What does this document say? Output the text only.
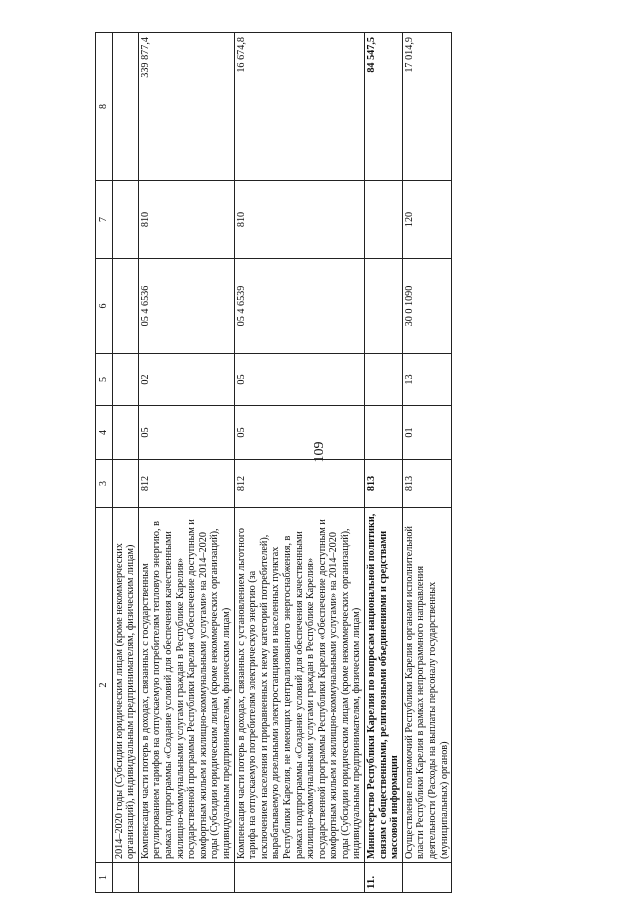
109
1	2	3	4	5	6	7	8
	2014–2020 годы (Субсидии юридическим лицам (кроме некоммерческих организаций), индивидуальным предпринимателям, физическим лицам)						
	Компенсация части потерь в доходах, связанных с государственным регулированием тарифов на отпускаемую потребителям тепловую энергию, в рамках подпрограммы «Создание условий для обеспечения качественными жилищно-коммунальными услугами граждан в Республике Карелия» государственной программы Республики Карелия «Обеспечение доступным и комфортным жильем и жилищно-коммунальными услугами» на 2014–2020 годы (Субсидии юридическим лицам (кроме некоммерческих организаций), индивидуальным предпринимателям, физическим лицам)	812	05	02	05 4 6536	810	339 877,4
	Компенсация части потерь в доходах, связанных с установлением льготного тарифа на отпускаемую потребителям электрическую энергию (за исключением населения и приравненных к нему категорий потребителей), вырабатываемую дизельными электростанциями в населенных пунктах Республики Карелия, не имеющих централизованного энергоснабжения, в рамках подпрограммы «Создание условий для обеспечения качественными жилищно-коммунальными услугами граждан в Республике Карелия» государственной программы Республики Карелия «Обеспечение доступным и комфортным жильем и жилищно-коммунальными услугами» на 2014–2020 годы (Субсидии юридическим лицам (кроме некоммерческих организаций), индивидуальным предпринимателям, физическим лицам)	812	05	05	05 4 6539	810	16 674,8
11.	Министерство Республики Карелия по вопросам национальной политики, связям с общественными, религиозными объединениями и средствами массовой информации	813					84 547,5
	Осуществление полномочий Республики Карелия органами исполнительной власти Республики Карелия в рамках непрограммного направления деятельности (Расходы на выплаты персоналу государственных (муниципальных) органов)	813	01	13	30 0 1090	120	17 014,9
